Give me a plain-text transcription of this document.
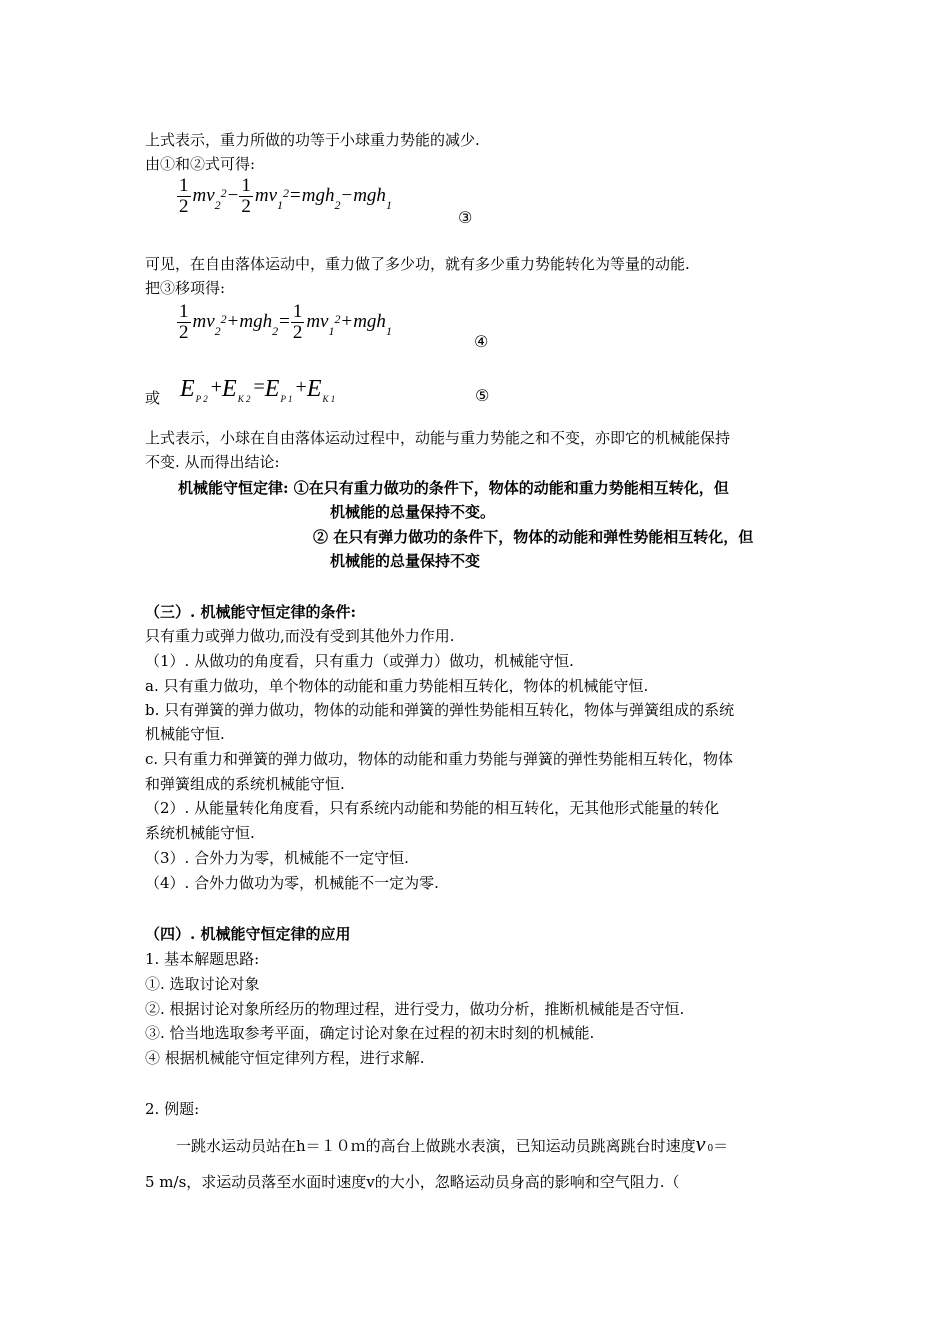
上式表示，重力所做的功等于小球重力势能的减少.
由①和②式可得:
$\frac{1}{2} mv_2^2- \frac{1}{2} mv_1^2=mgh_2-mgh_1$
③
可见，在自由落体运动中，重力做了多少功，就有多少重力势能转化为等量的动能.
把③移项得:
$\frac{1}{2} mv_2^2+mgh_2= \frac{1}{2} mv_1^2+mgh_1$
④
或 $E_{P 2}+E_{K 2}=E_{P 1}+E_{K 1}$	⑤
上式表示，小球在自由落体运动过程中，动能与重力势能之和不变，亦即它的机械能保持
不变. 从而得出结论:
机械能守恒定律: ①在只有重力做功的条件下，物体的动能和重力势能相互转化，但
机械能的总量保持不变。
② 在只有弹力做功的条件下，物体的动能和弹性势能相互转化，但
机械能的总量保持不变
（三）. 机械能守恒定律的条件:
只有重力或弹力做功,而没有受到其他外力作用.
（1）. 从做功的角度看，只有重力（或弹力）做功，机械能守恒.
a. 只有重力做功，单个物体的动能和重力势能相互转化，物体的机械能守恒.
b. 只有弹簧的弹力做功，物体的动能和弹簧的弹性势能相互转化，物体与弹簧组成的系统
机械能守恒.
c. 只有重力和弹簧的弹力做功，物体的动能和重力势能与弹簧的弹性势能相互转化，物体
和弹簧组成的系统机械能守恒.
（2）. 从能量转化角度看，只有系统内动能和势能的相互转化，无其他形式能量的转化
系统机械能守恒.
（3）. 合外力为零，机械能不一定守恒.
（4）. 合外力做功为零，机械能不一定为零.
（四）. 机械能守恒定律的应用
1. 基本解题思路:
①. 选取讨论对象
②. 根据讨论对象所经历的物理过程，进行受力，做功分析，推断机械能是否守恒.
③. 恰当地选取参考平面，确定讨论对象在过程的初末时刻的机械能.
④ 根据机械能守恒定律列方程，进行求解.
2. 例题:
一跳水运动员站在h＝１０ｍ的高台上做跳水表演，已知运动员跳离跳台时速度v 0＝
5 m/s，求运动员落至水面时速度v的大小，忽略运动员身高的影响和空气阻力.（
